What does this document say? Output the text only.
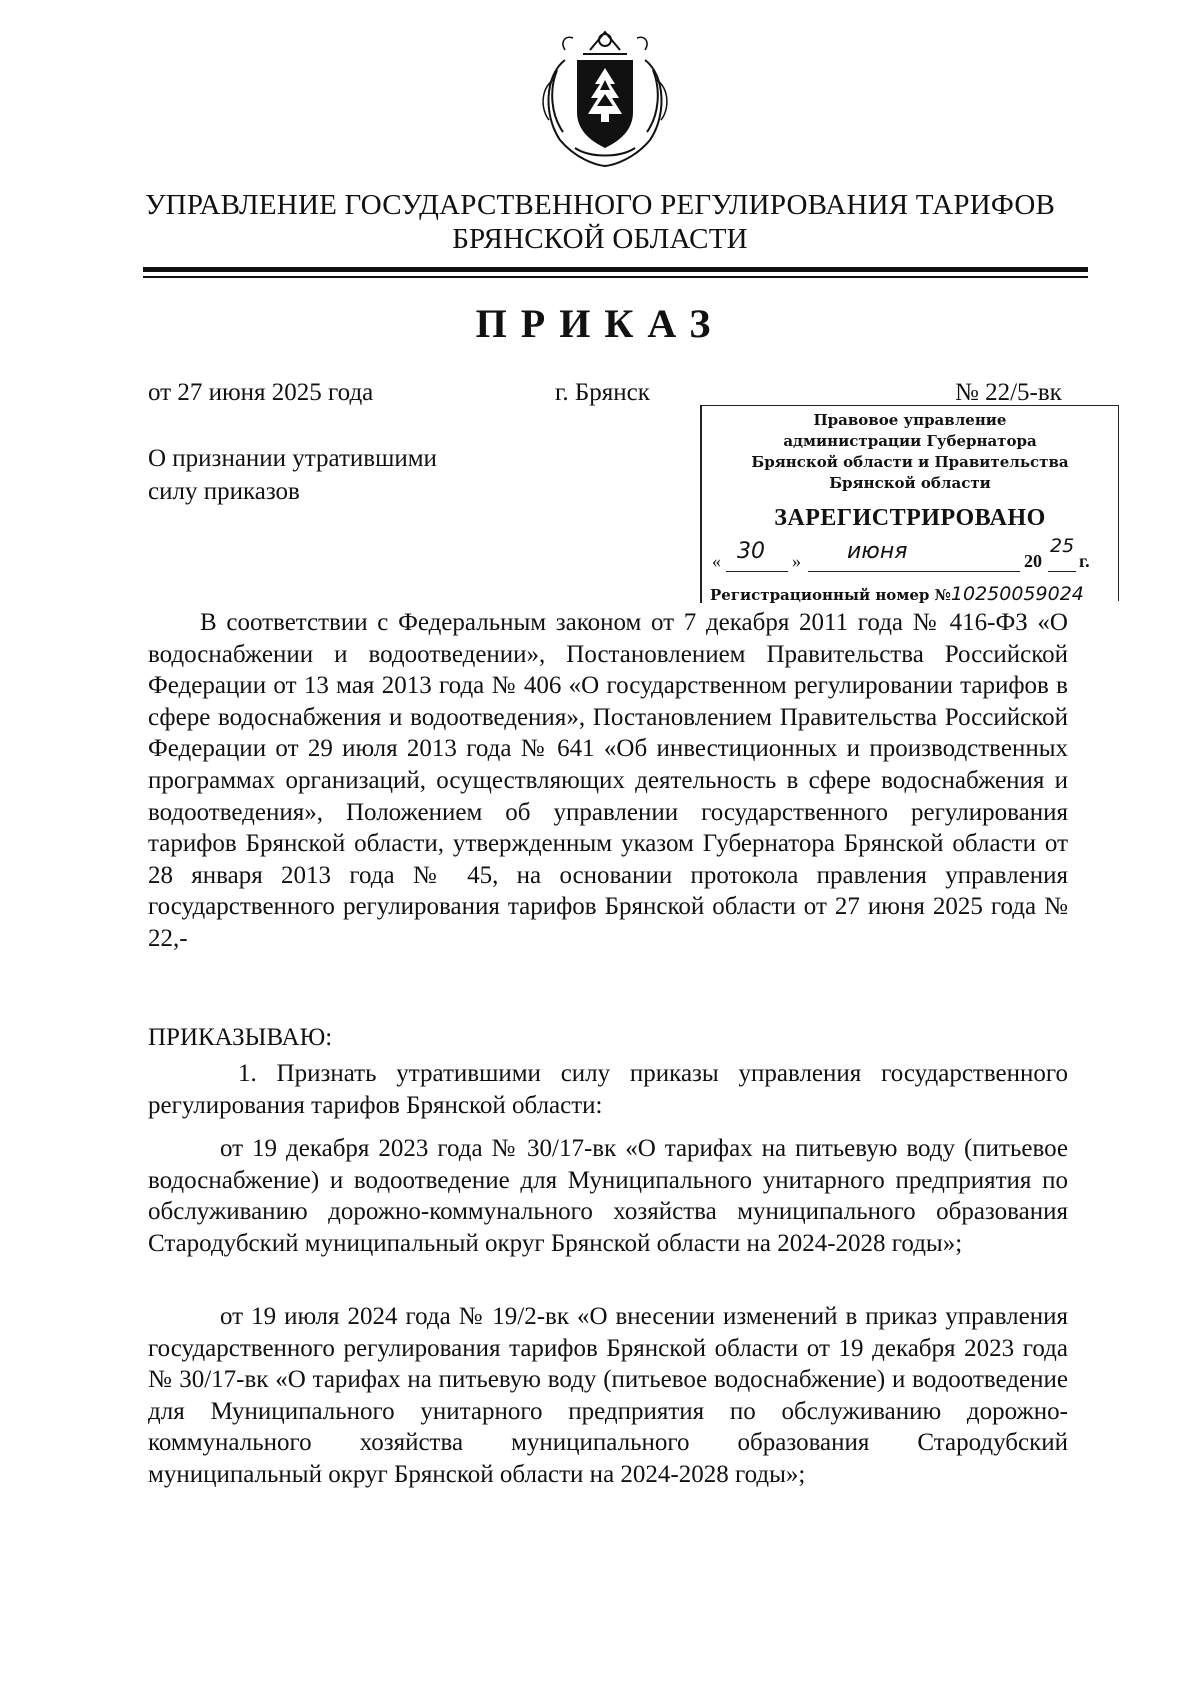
УПРАВЛЕНИЕ ГОСУДАРСТВЕННОГО РЕГУЛИРОВАНИЯ ТАРИФОВ
БРЯНСКОЙ ОБЛАСТИ
ПРИКАЗ
от 27 июня 2025 года	г. Брянск	№ 22/5-вк
О признании утратившими
силу приказов
Правовое управление
администрации Губернатора
Брянской области и Правительства
Брянской области
ЗАРЕГИСТРИРОВАНО
« 30 » июня	20
25
г.
Регистрационный номер №1025005902​4
В соответствии с Федеральным законом от 7 декабря 2011 года № 416-ФЗ «О водоснабжении и водоотведении», Постановлением Правительства Российской Федерации от 13 мая 2013 года № 406 «О государственном регулировании тарифов в сфере водоснабжения и водоотведения», Постановлением Правительства Российской Федерации от 29 июля 2013 года № 641 «Об инвестиционных и производственных программах организаций, осуществляющих деятельность в сфере водоснабжения и водоотведения», Положением об управлении государственного регулирования тарифов Брянской области, утвержденным указом Губернатора Брянской области от 28 января 2013 года № 45, на основании протокола правления управления государственного регулирования тарифов Брянской области от 27 июня 2025 года № 22,-
ПРИКАЗЫВАЮ:
1. Признать утратившими силу приказы управления государственного регулирования тарифов Брянской области:
от 19 декабря 2023 года № 30/17-вк «О тарифах на питьевую воду (питьевое водоснабжение) и водоотведение для Муниципального унитарного предприятия по обслуживанию дорожно-коммунального хозяйства муниципального образования Стародубский муниципальный округ Брянской области на 2024-2028 годы»;
от 19 июля 2024 года № 19/2-вк «О внесении изменений в приказ управления государственного регулирования тарифов Брянской области от 19 декабря 2023 года № 30/17-вк «О тарифах на питьевую воду (питьевое водоснабжение) и водоотведение для Муниципального унитарного предприятия по обслуживанию дорожно-коммунального хозяйства муниципального образования Стародубский муниципальный округ Брянской области на 2024-2028 годы»;
